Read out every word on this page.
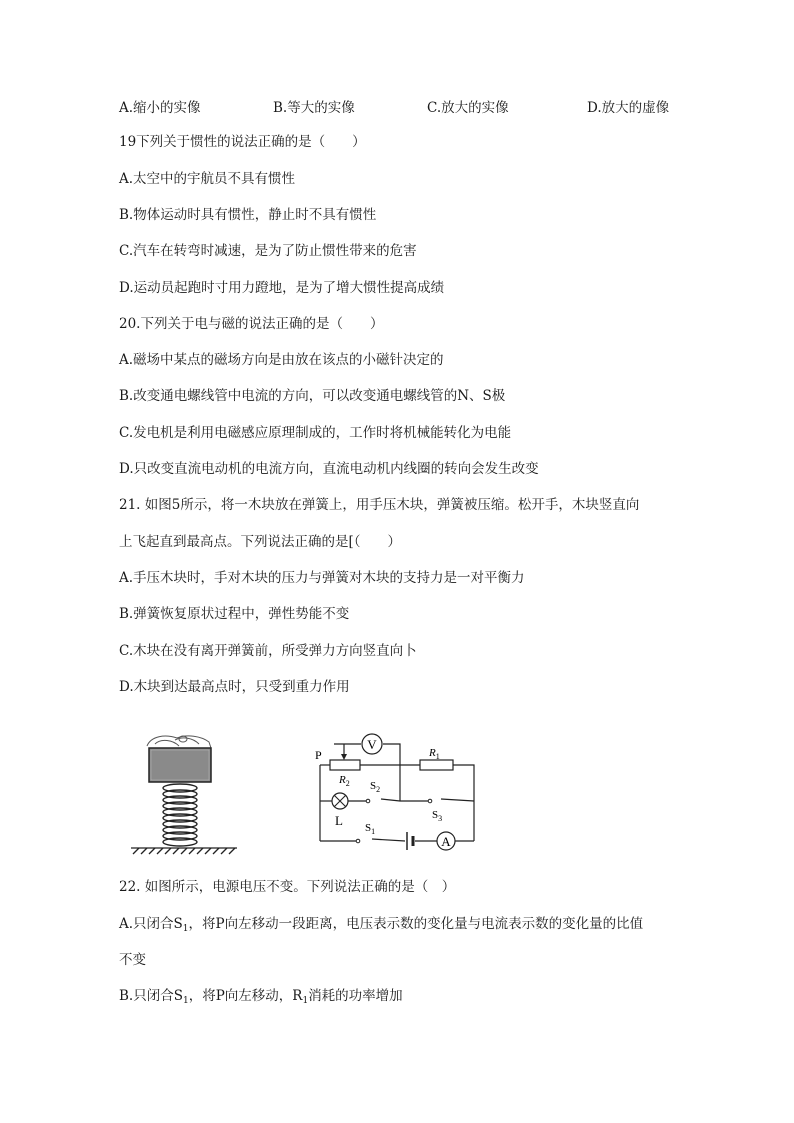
A.缩小的实像	B.等大的实像	C.放大的实像	D.放大的虚像
19下列关于惯性的说法正确的是（　　）
A.太空中的宇航员不具有惯性
B.物体运动时具有惯性，静止时不具有惯性
C.汽车在转弯时减速，是为了防止惯性带来的危害
D.运动员起跑时寸用力蹬地，是为了增大惯性提高成绩
20.下列关于电与磁的说法正确的是（　　）
A.磁场中某点的磁场方向是由放在该点的小磁针决定的
B.改变通电螺线管中电流的方向，可以改变通电螺线管的N、S极
C.发电机是利用电磁感应原理制成的，工作时将机械能转化为电能
D.只改变直流电动机的电流方向，直流电动机内线圈的转向会发生改变
21. 如图5所示，将一木块放在弹簧上，用手压木块，弹簧被压缩。松开手，木块竖直向
上飞起直到最高点。下列说法正确的是[（　　）
A.手压木块时，手对木块的压力与弹簧对木块的支持力是一对平衡力
B.弹簧恢复原状过程中，弹性势能不变
C.木块在没有离开弹簧前，所受弹力方向竖直向卜
D.木块到达最高点时，只受到重力作用
V
A
P
$R_2$
$R_1$
$S_2$
$S_3$
$S_1$
L
22. 如图所示，电源电压不变。下列说法正确的是（　）
A.只闭合$S_1$，将P向左移动一段距离，电压表示数的变化量与电流表示数的变化量的比值
不变
B.只闭合$S_1$，将P向左移动，$R_1$消耗的功率增加
